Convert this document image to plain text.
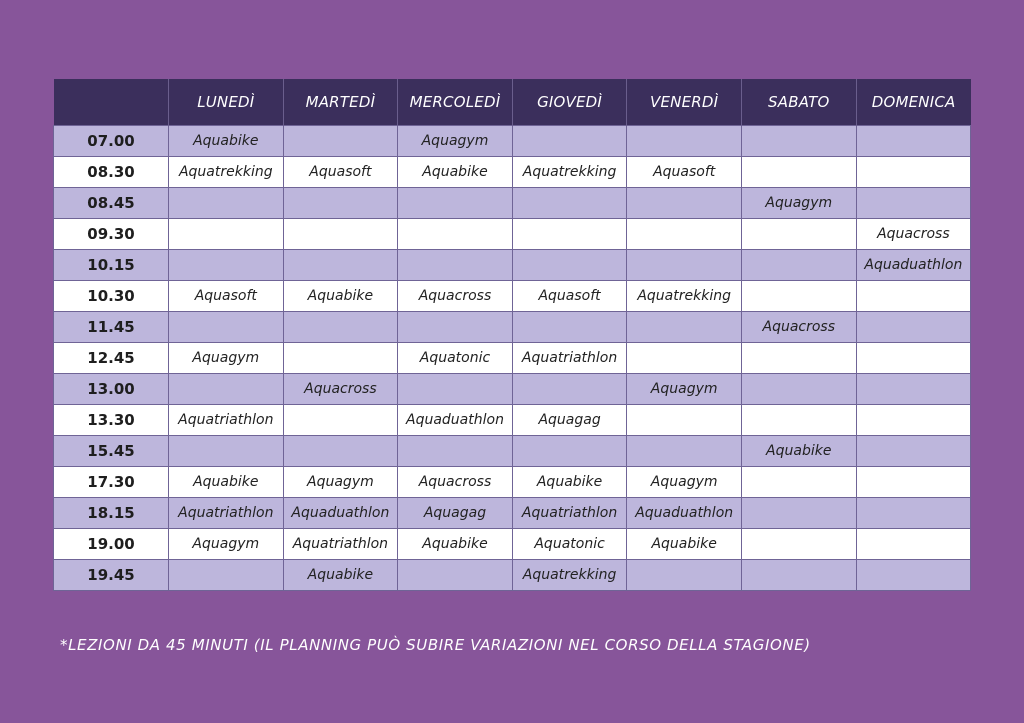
	LUNEDÌ	MARTEDÌ	MERCOLEDÌ	GIOVEDÌ	VENERDÌ	SABATO	DOMENICA
07.00	Aquabike		Aquagym				
08.30	Aquatrekking	Aquasoft	Aquabike	Aquatrekking	Aquasoft		
08.45						Aquagym	
09.30							Aquacross
10.15							Aquaduathlon
10.30	Aquasoft	Aquabike	Aquacross	Aquasoft	Aquatrekking		
11.45						Aquacross	
12.45	Aquagym		Aquatonic	Aquatriathlon			
13.00		Aquacross			Aquagym		
13.30	Aquatriathlon		Aquaduathlon	Aquagag			
15.45						Aquabike	
17.30	Aquabike	Aquagym	Aquacross	Aquabike	Aquagym		
18.15	Aquatriathlon	Aquaduathlon	Aquagag	Aquatriathlon	Aquaduathlon		
19.00	Aquagym	Aquatriathlon	Aquabike	Aquatonic	Aquabike		
19.45		Aquabike		Aquatrekking			
*LEZIONI DA 45 MINUTI (IL PLANNING PUÒ SUBIRE VARIAZIONI NEL CORSO DELLA STAGIONE)
